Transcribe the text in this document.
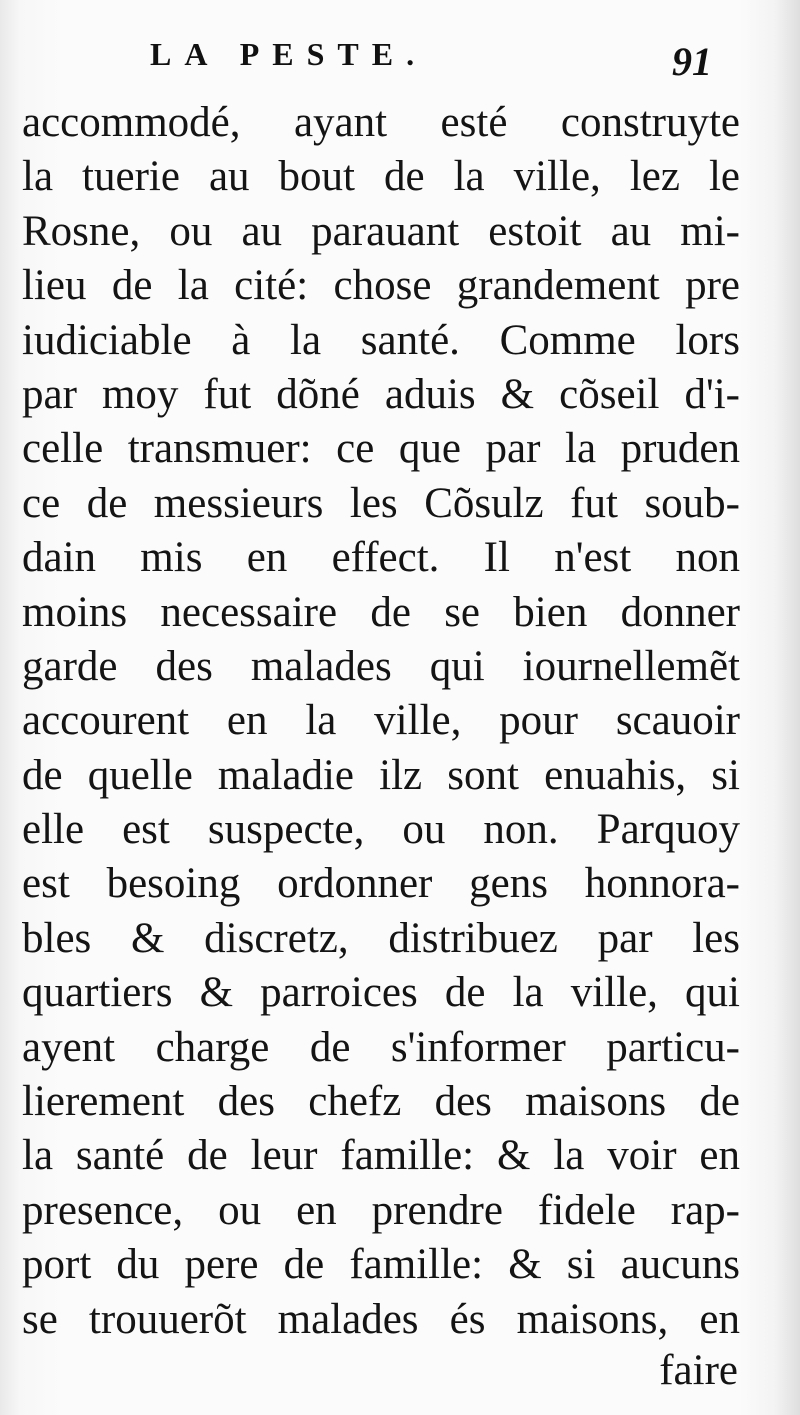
LA PESTE.	91
accommodé, ayant esté construyte
la tuerie au bout de la ville, lez le
Rosne, ou au parauant estoit au mi-
lieu de la cité: chose grandement pre
iudiciable à la santé. Comme lors
par moy fut dõné aduis & cõseil d'i-
celle transmuer: ce que par la pruden
ce de messieurs les Cõsulz fut soub-
dain mis en effect. Il n'est non
moins necessaire de se bien donner
garde des malades qui iournellemẽt
accourent en la ville, pour scauoir
de quelle maladie ilz sont enuahis, si
elle est suspecte, ou non. Parquoy
est besoing ordonner gens honnora-
bles & discretz, distribuez par les
quartiers & parroices de la ville, qui
ayent charge de s'informer particu-
lierement des chefz des maisons de
la santé de leur famille: & la voir en
presence, ou en prendre fidele rap-
port du pere de famille: & si aucuns
se trouuerõt malades és maisons, en
faire
